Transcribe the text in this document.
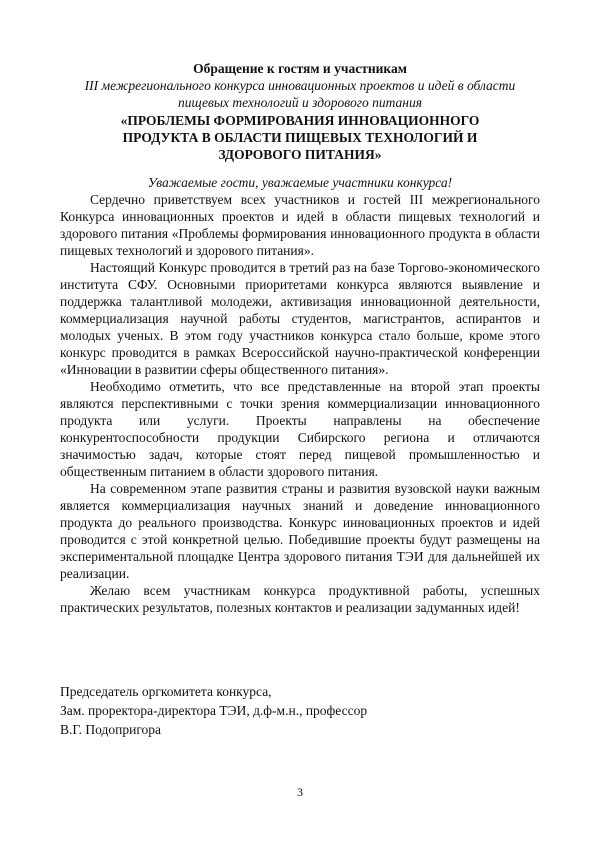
Обращение к гостям и участникам
III межрегионального конкурса инновационных проектов и идей в области
пищевых технологий и здорового питания
«ПРОБЛЕМЫ ФОРМИРОВАНИЯ ИННОВАЦИОННОГО
ПРОДУКТА В ОБЛАСТИ ПИЩЕВЫХ ТЕХНОЛОГИЙ И
ЗДОРОВОГО ПИТАНИЯ»
Уважаемые гости, уважаемые участники конкурса!

Сердечно приветствуем всех участников и гостей III межрегионального Конкурса инновационных проектов и идей в области пищевых технологий и здорового питания «Проблемы формирования инновационного продукта в области пищевых технологий и здорового питания».

Настоящий Конкурс проводится в третий раз на базе Торгово-экономического института СФУ. Основными приоритетами конкурса являются выявление и поддержка талантливой молодежи, активизация инновационной деятельности, коммерциализация научной работы студентов, магистрантов, аспирантов и молодых ученых. В этом году участников конкурса стало больше, кроме этого конкурс проводится в рамках Всероссийской научно-практической конференции «Инновации в развитии сферы общественного питания».

Необходимо отметить, что все представленные на второй этап проекты являются перспективными с точки зрения коммерциализации инновационного продукта или услуги. Проекты направлены на обеспечение конкурентоспособности продукции Сибирского региона и отличаются значимостью задач, которые стоят перед пищевой промышленностью и общественным питанием в области здорового питания.

На современном этапе развития страны и развития вузовской науки важным является коммерциализация научных знаний и доведение инновационного продукта до реального производства. Конкурс инновационных проектов и идей проводится с этой конкретной целью. Победившие проекты будут размещены на экспериментальной площадке Центра здорового питания ТЭИ для дальнейшей их реализации.

Желаю всем участникам конкурса продуктивной работы, успешных практических результатов, полезных контактов и реализации задуманных идей!

Председатель оргкомитета конкурса,
Зам. проректора-директора ТЭИ, д.ф-м.н., профессор
В.Г. Подопригора
3
